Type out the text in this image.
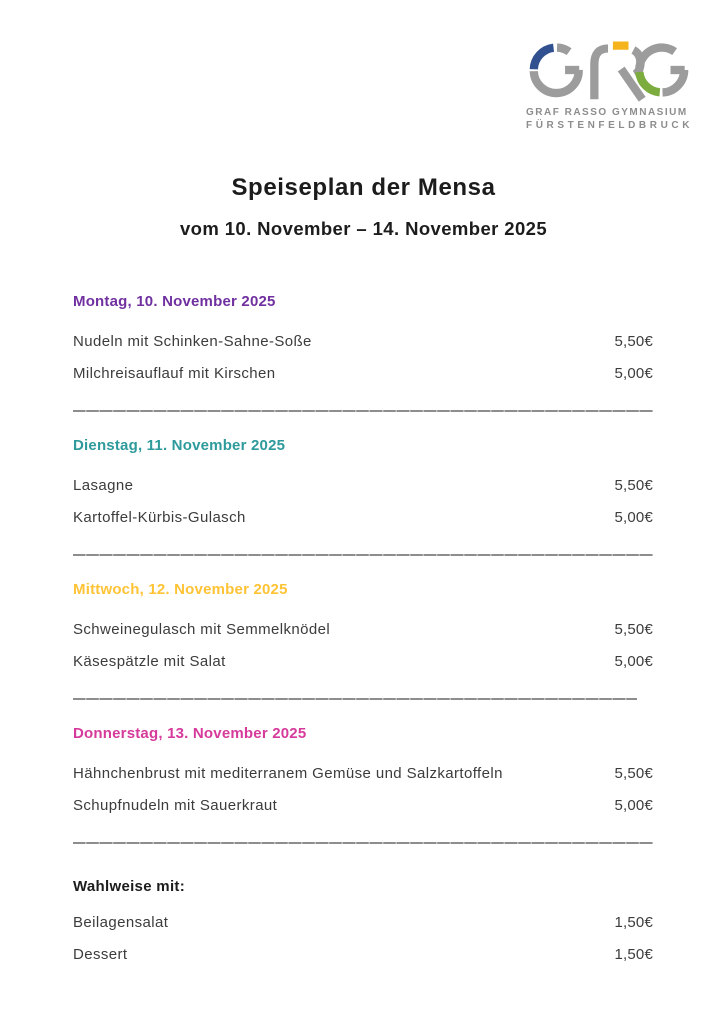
GRAF RASSO GYMNASIUM
FÜRSTENFELDBRUCK
Speiseplan der Mensa
vom 10. November – 14. November 2025
Montag, 10. November 2025
Nudeln mit Schinken-Sahne-Soße	5,50€
Milchreisauflauf mit Kirschen	5,00€
Dienstag, 11. November 2025
Lasagne	5,50€
Kartoffel-Kürbis-Gulasch	5,00€
Mittwoch, 12. November 2025
Schweinegulasch mit Semmelknödel	5,50€
Käsespätzle mit Salat	5,00€
Donnerstag, 13. November 2025
Hähnchenbrust mit mediterranem Gemüse und Salzkartoffeln	5,50€
Schupfnudeln mit Sauerkraut	5,00€
Wahlweise mit:
Beilagensalat	1,50€
Dessert	1,50€
